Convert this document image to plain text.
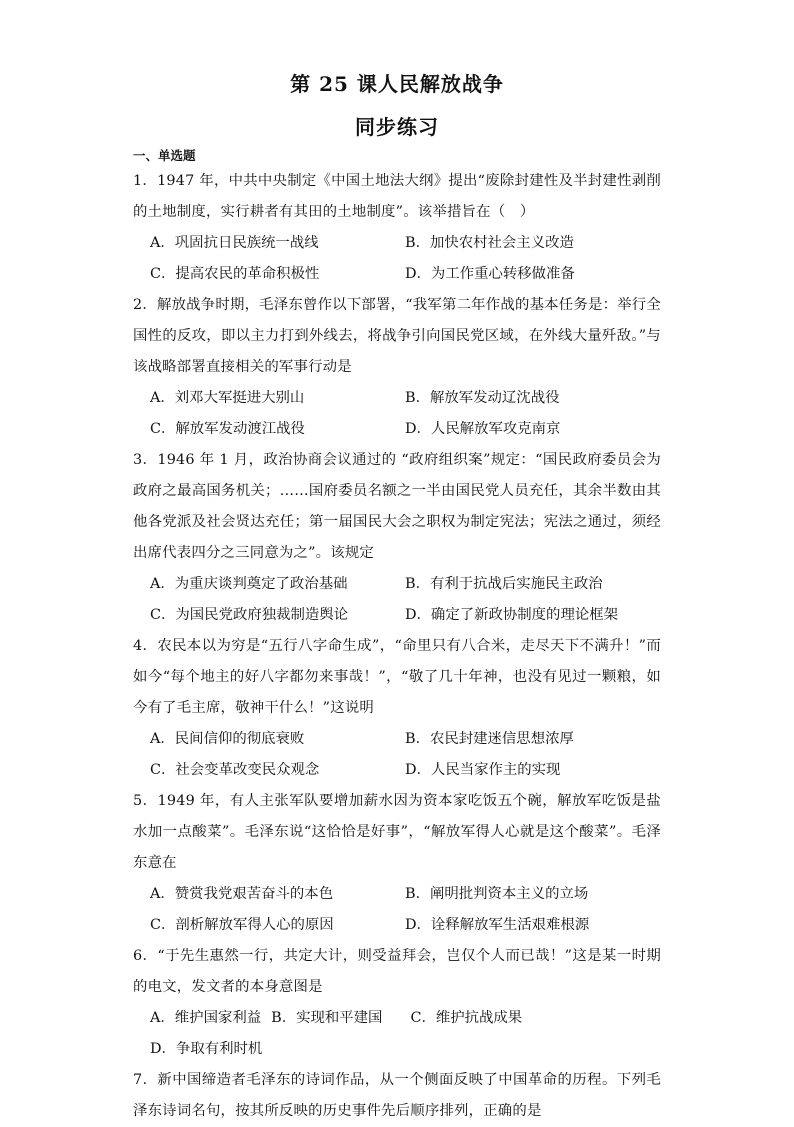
第 25 课人民解放战争
同步练习
一、单选题

1．1947 年，中共中央制定《中国土地法大纲》提出“废除封建性及半封建性剥削的土地制度，实行耕者有其田的土地制度”。该举措旨在（　）

A．巩固抗日民族统一战线	B．加快农村社会主义改造
C．提高农民的革命积极性	D．为工作重心转移做准备

2．解放战争时期，毛泽东曾作以下部署，“我军第二年作战的基本任务是：举行全国性的反攻，即以主力打到外线去，将战争引向国民党区域，在外线大量歼敌。”与该战略部署直接相关的军事行动是

A．刘邓大军挺进大别山	B．解放军发动辽沈战役
C．解放军发动渡江战役	D．人民解放军攻克南京

3．1946 年 1 月，政治协商会议通过的 “政府组织案”规定：“国民政府委员会为政府之最高国务机关；……国府委员名额之一半由国民党人员充任，其余半数由其他各党派及社会贤达充任；第一届国民大会之职权为制定宪法；宪法之通过，须经出席代表四分之三同意为之”。该规定

A．为重庆谈判奠定了政治基础	B．有利于抗战后实施民主政治
C．为国民党政府独裁制造舆论	D．确定了新政协制度的理论框架

4．农民本以为穷是“五行八字命生成”，“命里只有八合米，走尽天下不满升！”而如今“每个地主的好八字都勿来事哉！”，“敬了几十年神，也没有见过一颗粮，如今有了毛主席，敬神干什么！”这说明

A．民间信仰的彻底衰败	B．农民封建迷信思想浓厚
C．社会变革改变民众观念	D．人民当家作主的实现

5．1949 年，有人主张军队要增加薪水因为资本家吃饭五个碗，解放军吃饭是盐水加一点酸菜”。毛泽东说“这恰恰是好事”，“解放军得人心就是这个酸菜”。毛泽东意在

A．赞赏我党艰苦奋斗的本色	B．阐明批判资本主义的立场
C．剖析解放军得人心的原因	D．诠释解放军生活艰难根源

6．“于先生惠然一行，共定大计，则受益拜会，岂仅个人而已哉！”这是某一时期的电文，发文者的本身意图是

A．维护国家利益 B．实现和平建国 C．维护抗战成果
D．争取有利时机

7．新中国缔造者毛泽东的诗词作品，从一个侧面反映了中国革命的历程。下列毛泽东诗词名句，按其所反映的历史事件先后顺序排列，正确的是
